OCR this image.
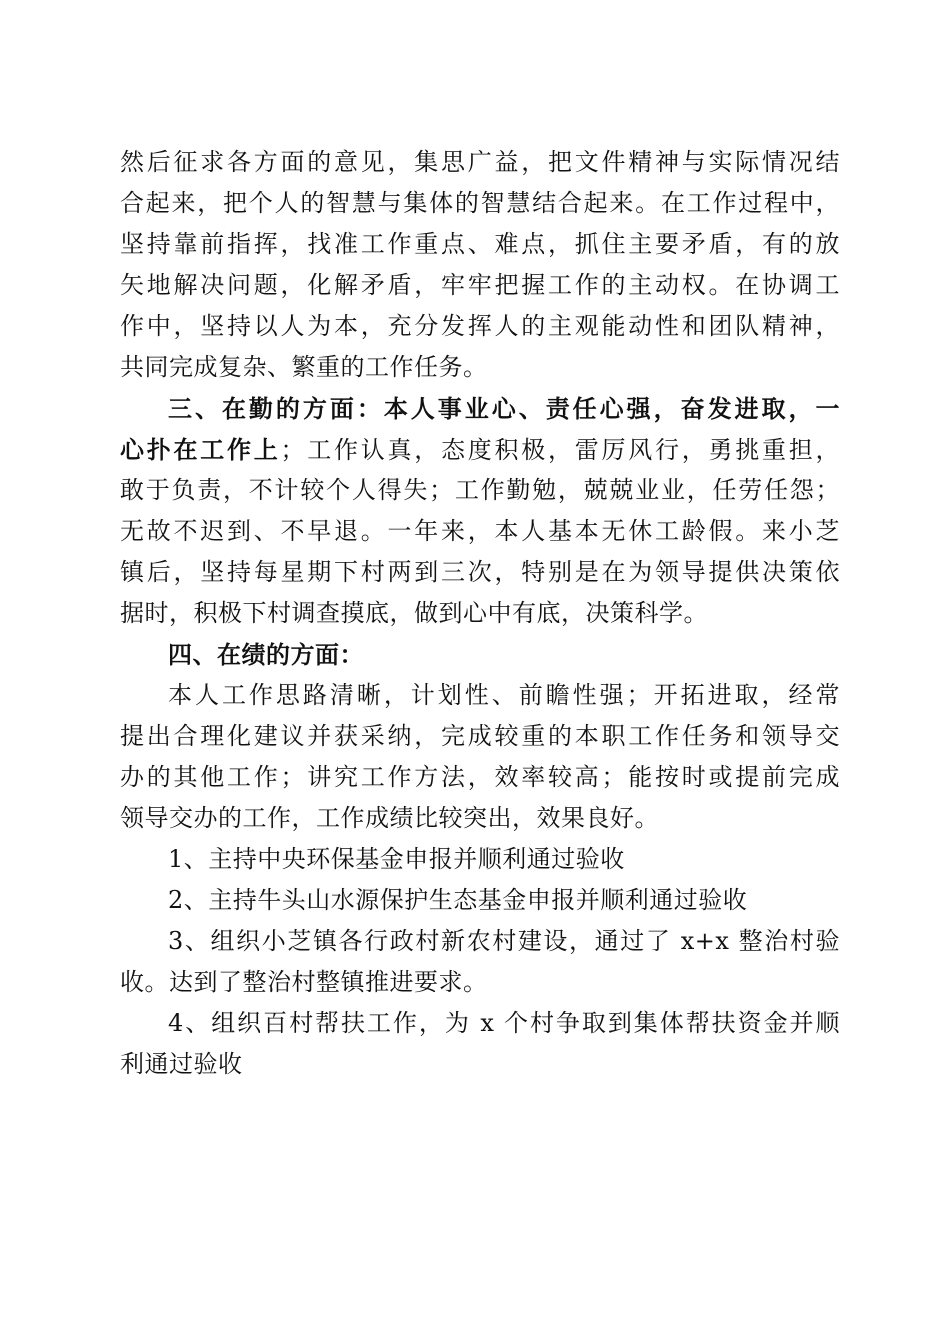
然后征求各方面的意见，集思广益，把文件精神与实际情况结
合起来，把个人的智慧与集体的智慧结合起来。在工作过程中，
坚持靠前指挥，找准工作重点、难点，抓住主要矛盾，有的放
矢地解决问题，化解矛盾，牢牢把握工作的主动权。在协调工
作中，坚持以人为本，充分发挥人的主观能动性和团队精神，
共同完成复杂、繁重的工作任务。
三、在勤的方面：本人事业心、责任心强，奋发进取，一
心扑在工作上；工作认真，态度积极，雷厉风行，勇挑重担，
敢于负责，不计较个人得失；工作勤勉，兢兢业业，任劳任怨；
无故不迟到、不早退。一年来，本人基本无休工龄假。来小芝
镇后，坚持每星期下村两到三次，特别是在为领导提供决策依
据时，积极下村调查摸底，做到心中有底，决策科学。
四、在绩的方面：
本人工作思路清晰，计划性、前瞻性强；开拓进取，经常
提出合理化建议并获采纳，完成较重的本职工作任务和领导交
办的其他工作；讲究工作方法，效率较高；能按时或提前完成
领导交办的工作，工作成绩比较突出，效果良好。
1、主持中央环保基金申报并顺利通过验收
2、主持牛头山水源保护生态基金申报并顺利通过验收
3、组织小芝镇各行政村新农村建设，通过了 x+x 整治村验
收。达到了整治村整镇推进要求。
4、组织百村帮扶工作，为 x 个村争取到集体帮扶资金并顺
利通过验收
